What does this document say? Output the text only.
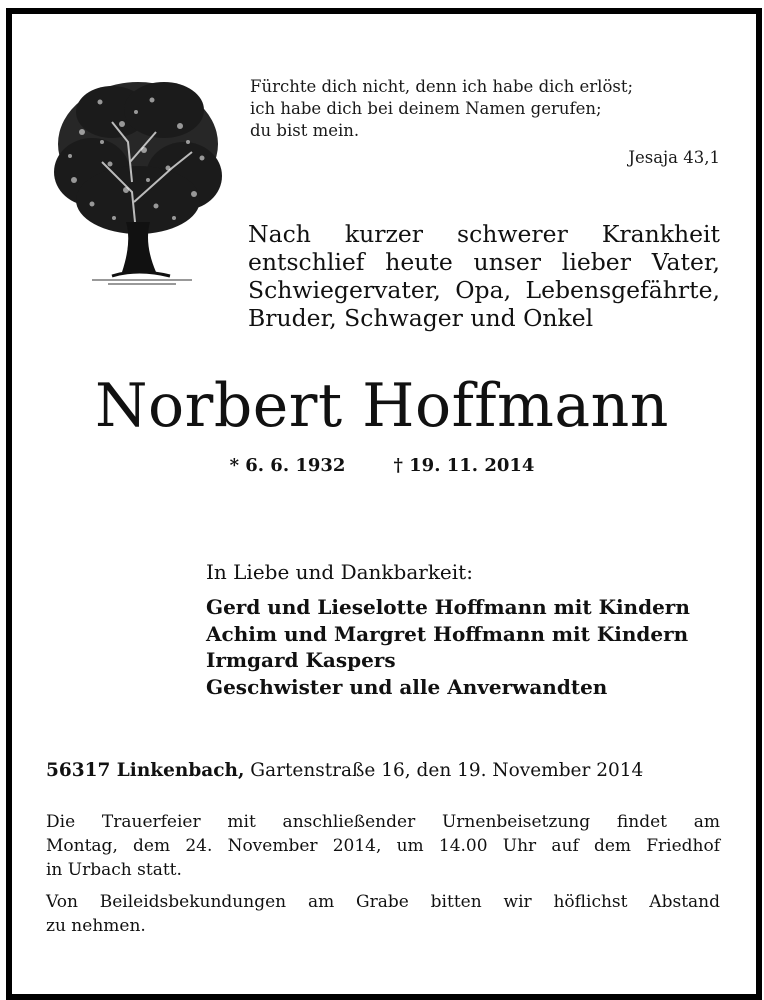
Fürchte dich nicht, denn ich habe dich erlöst;
ich habe dich bei deinem Namen gerufen;
du bist mein.
Jesaja 43,1
Nach kurzer schwerer Krankheit
entschlief heute unser lieber Vater,
Schwiegervater, Opa, Lebensgefährte,
Bruder, Schwager und Onkel
Norbert Hoffmann
* 6. 6. 1932	† 19. 11. 2014
In Liebe und Dankbarkeit:
Gerd und Lieselotte Hoffmann mit Kindern
Achim und Margret Hoffmann mit Kindern
Irmgard Kaspers
Geschwister und alle Anverwandten
56317 Linkenbach, Gartenstraße 16, den 19. November 2014
Die Trauerfeier mit anschließender Urnenbeisetzung findet am
Montag, dem 24. November 2014, um 14.00 Uhr auf dem Friedhof
in Urbach statt.
Von Beileidsbekundungen am Grabe bitten wir höflichst Abstand
zu nehmen.
